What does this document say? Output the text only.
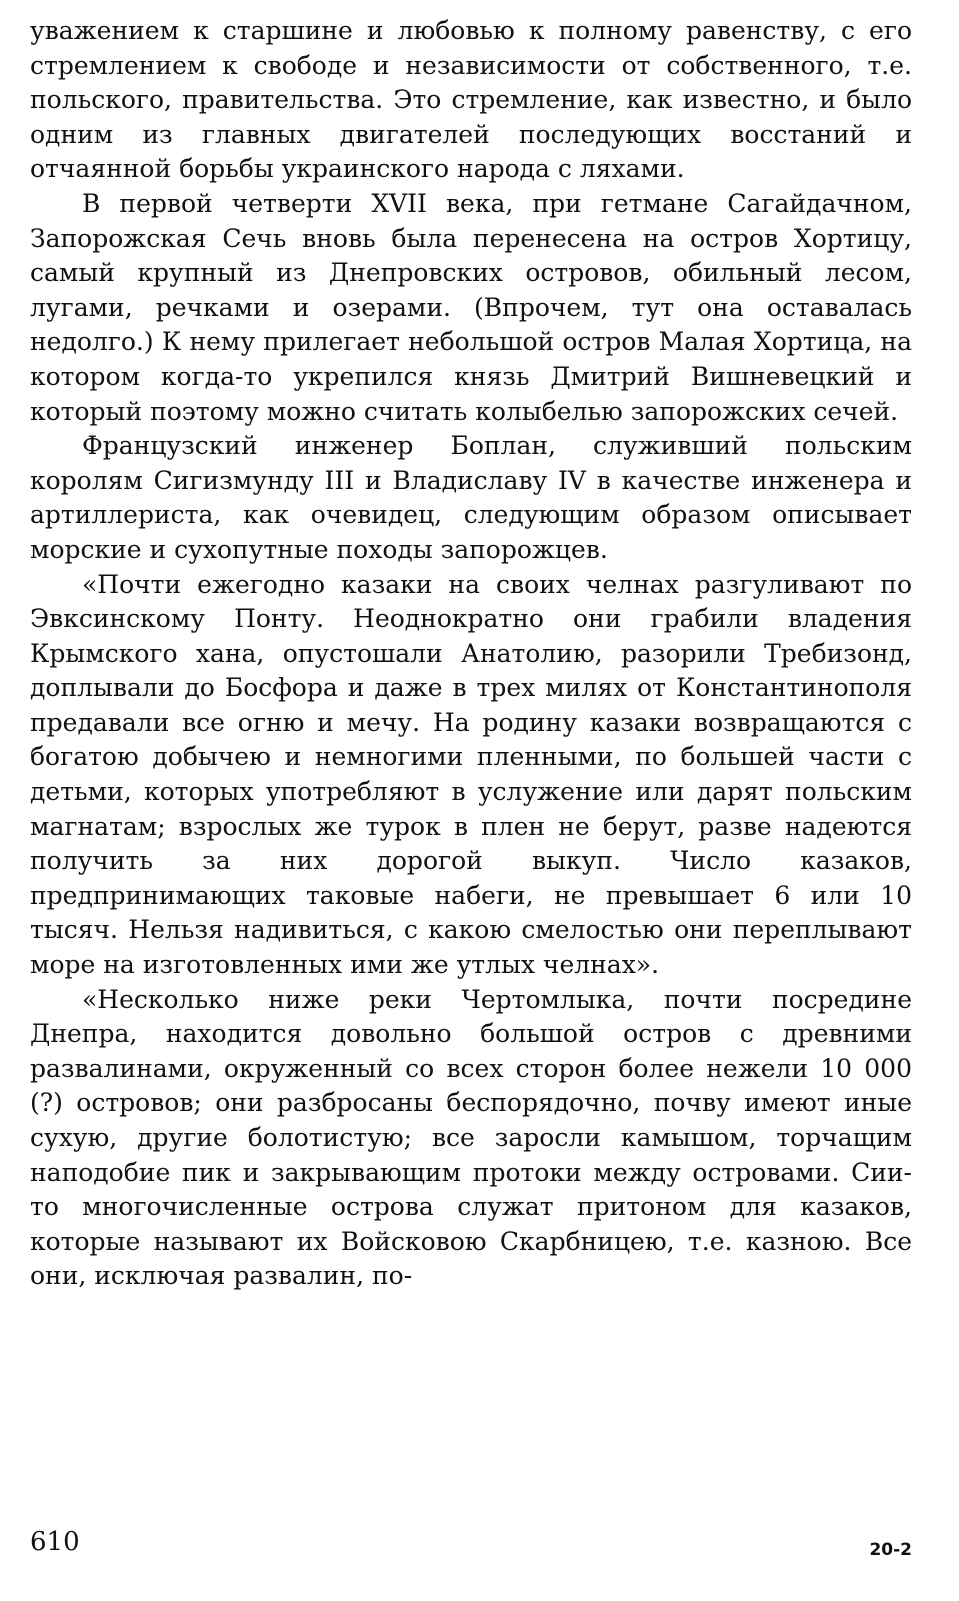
уважением к старшине и любовью к полному равенству, с его стремлением к свободе и независимости от собственного, т.е. польского, правительства. Это стремление, как известно, и было одним из главных двигателей последующих восстаний и отчаянной борьбы украинского народа с ляхами.

В первой четверти XVII века, при гетмане Сагайдачном, Запорожская Сечь вновь была перенесена на остров Хортицу, самый крупный из Днепровских островов, обильный лесом, лугами, речками и озерами. (Впрочем, тут она оставалась недолго.) К нему прилегает небольшой остров Малая Хортица, на котором когда-то укрепился князь Дмитрий Вишневецкий и который поэтому можно считать колыбелью запорожских сечей.

Французский инженер Боплан, служивший польским королям Сигизмунду III и Владиславу IV в качестве инженера и артиллериста, как очевидец, следующим образом описывает морские и сухопутные походы запорожцев.

«Почти ежегодно казаки на своих челнах разгуливают по Эвксинскому Понту. Неоднократно они грабили владения Крымского хана, опустошали Анатолию, разорили Требизонд, доплывали до Босфора и даже в трех милях от Константинополя предавали все огню и мечу. На родину казаки возвращаются с богатою добычею и немногими пленными, по большей части с детьми, которых употребляют в услужение или дарят польским магнатам; взрослых же турок в плен не берут, разве надеются получить за них дорогой выкуп. Число казаков, предпринимающих таковые набеги, не превышает 6 или 10 тысяч. Нельзя надивиться, с какою смелостью они переплывают море на изготовленных ими же утлых челнах».

«Несколько ниже реки Чертомлыка, почти посредине Днепра, находится довольно большой остров с древними развалинами, окруженный со всех сторон более нежели 10 000 (?) островов; они разбросаны беспорядочно, почву имеют иные сухую, другие болотистую; все заросли камышом, торчащим наподобие пик и закрывающим протоки между островами. Сии-то многочисленные острова служат притоном для казаков, которые называют их Войсковою Скарбницею, т.е. казною. Все они, исключая развалин, по-

610	20-2
